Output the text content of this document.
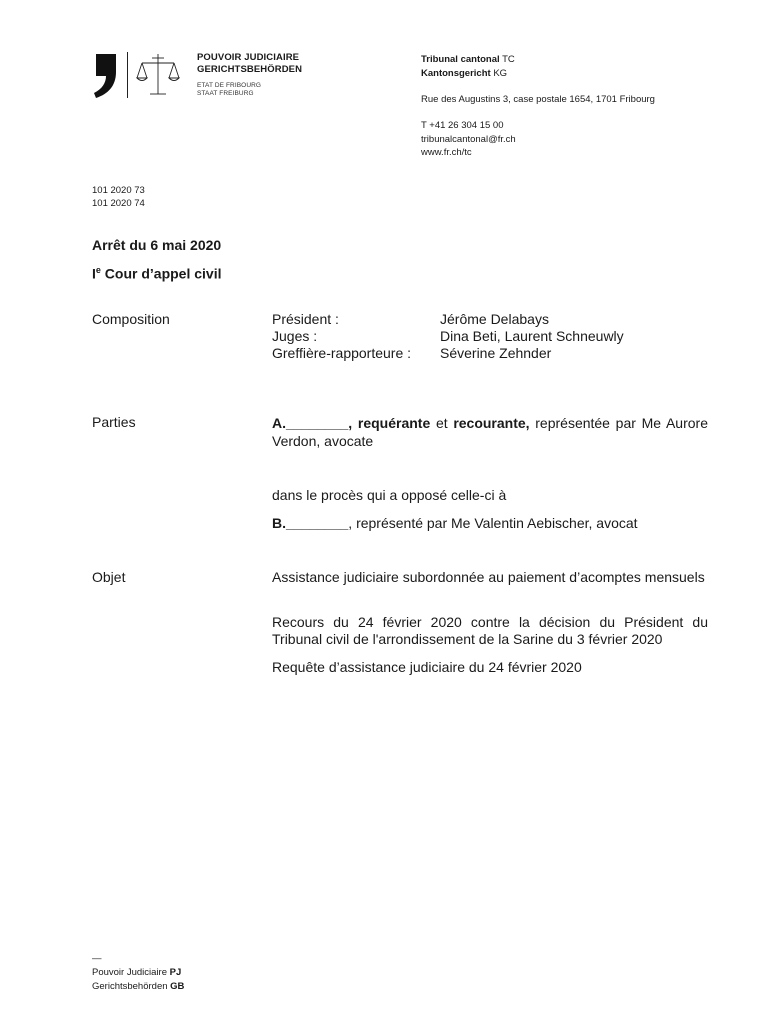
POUVOIR JUDICIAIRE
GERICHTSBEHÖRDEN
ETAT DE FRIBOURG
STAAT FREIBURG
Tribunal cantonal TC
Kantonsgericht KG
Rue des Augustins 3, case postale 1654, 1701 Fribourg
T +41 26 304 15 00
tribunalcantonal@fr.ch
www.fr.ch/tc
101 2020 73
101 2020 74
Arrêt du 6 mai 2020
Ie Cour d’appel civil
Composition	Président :	Jérôme Delabays
Juges :	Dina Beti, Laurent Schneuwly
Greffière-rapporteure : Séverine Zehnder
Parties	A.________, requérante et recourante, représentée par Me Aurore Verdon, avocate
dans le procès qui a opposé celle-ci à
B.________, représenté par Me Valentin Aebischer, avocat
Objet	Assistance judiciaire subordonnée au paiement d’acomptes mensuels
Recours du 24 février 2020 contre la décision du Président du Tribunal civil de l'arrondissement de la Sarine du 3 février 2020
Requête d’assistance judiciaire du 24 février 2020
—
Pouvoir Judiciaire PJ
Gerichtsbehörden GB
